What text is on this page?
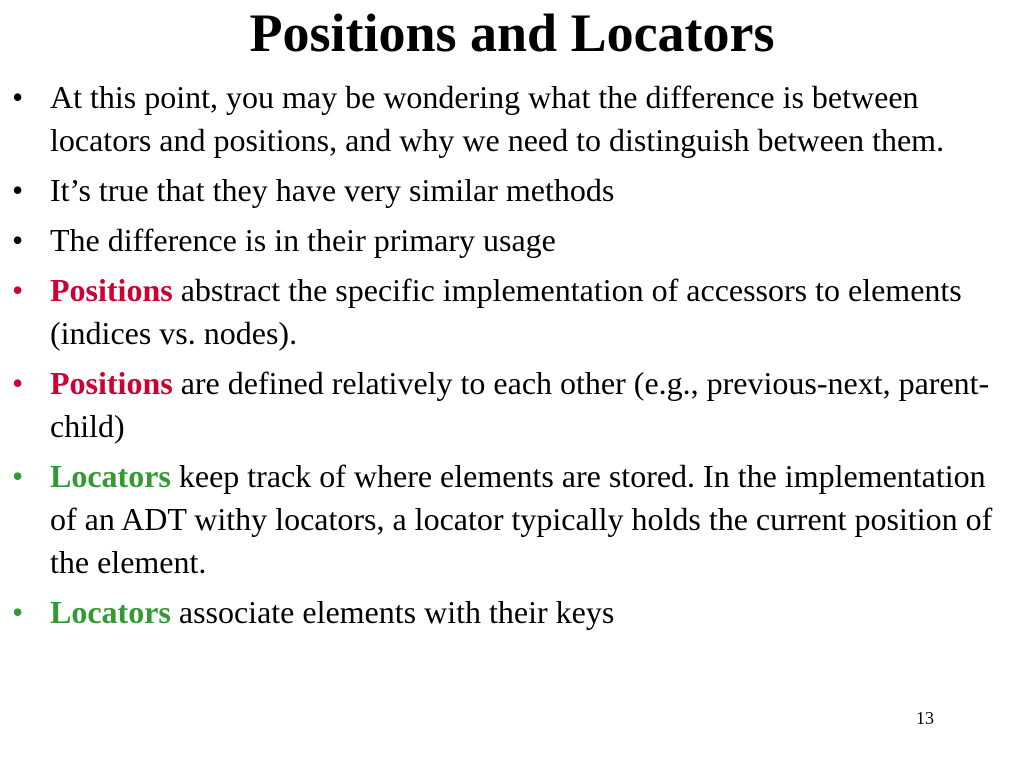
Positions and Locators
• At this point, you may be wondering what the difference is between locators and positions, and why we need to distinguish between them.
• It’s true that they have very similar methods
• The difference is in their primary usage
• Positions abstract the specific implementation of accessors to elements (indices vs. nodes).
• Positions are defined relatively to each other (e.g., previous-next, parent-child)
• Locators keep track of where elements are stored. In the implementation of an ADT withy locators, a locator typically holds the current position of the element.
• Locators associate elements with their keys
13
